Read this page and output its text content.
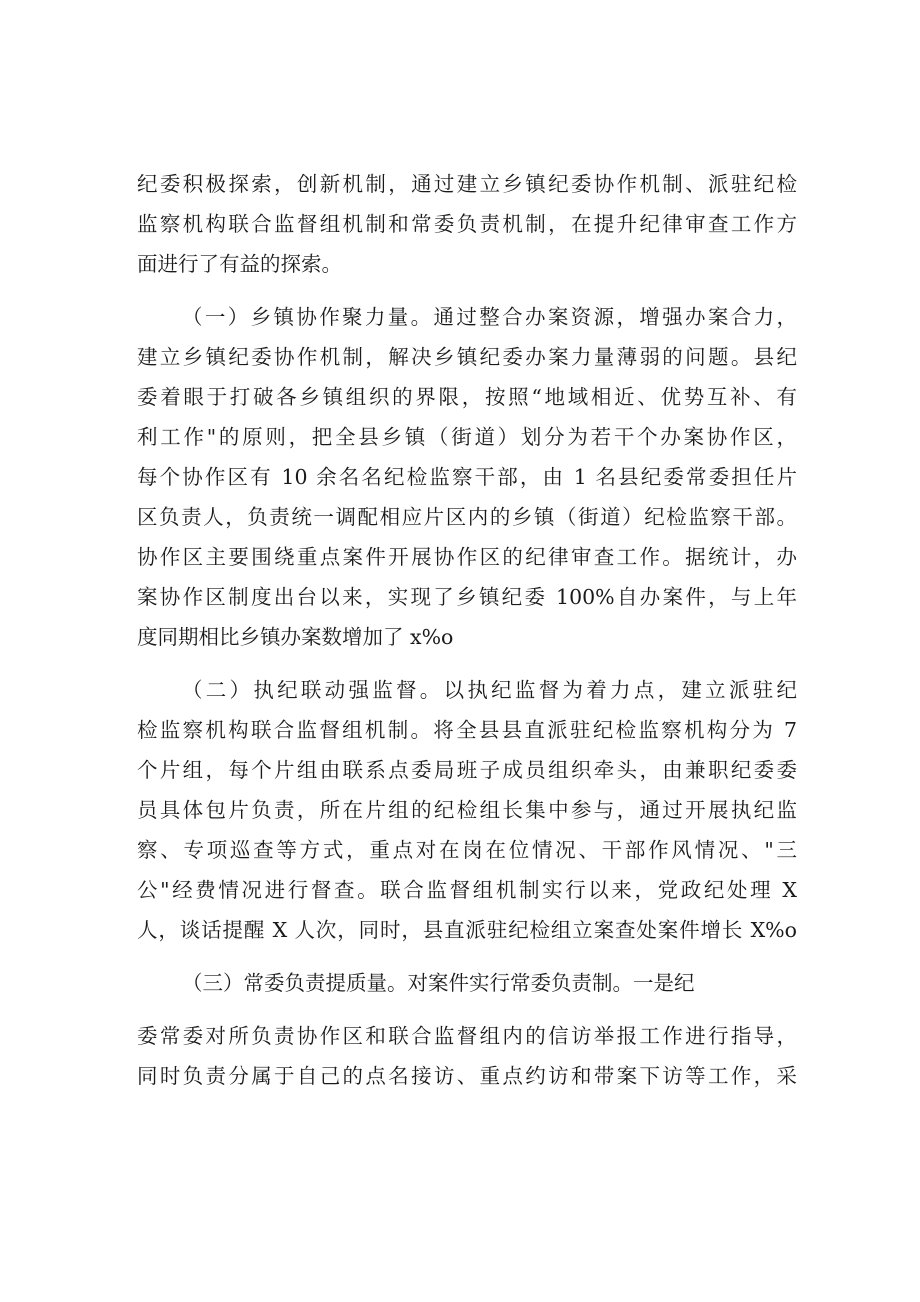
纪委积极探索，创新机制，通过建立乡镇纪委协作机制、派驻纪检
监察机构联合监督组机制和常委负责机制，在提升纪律审查工作方
面进行了有益的探索。
（一）乡镇协作聚力量。通过整合办案资源，增强办案合力，
建立乡镇纪委协作机制，解决乡镇纪委办案力量薄弱的问题。县纪
委着眼于打破各乡镇组织的界限，按照“地域相近、优势互补、有
利工作"的原则，把全县乡镇（街道）划分为若干个办案协作区，
每个协作区有 10 余名名纪检监察干部，由 1 名县纪委常委担任片
区负责人，负责统一调配相应片区内的乡镇（街道）纪检监察干部。
协作区主要围绕重点案件开展协作区的纪律审查工作。据统计，办
案协作区制度出台以来，实现了乡镇纪委 100%自办案件，与上年
度同期相比乡镇办案数增加了 x%o
（二）执纪联动强监督。以执纪监督为着力点，建立派驻纪
检监察机构联合监督组机制。将全县县直派驻纪检监察机构分为 7
个片组，每个片组由联系点委局班子成员组织牵头，由兼职纪委委
员具体包片负责，所在片组的纪检组长集中参与，通过开展执纪监
察、专项巡查等方式，重点对在岗在位情况、干部作风情况、"三
公"经费情况进行督查。联合监督组机制实行以来，党政纪处理 X
人，谈话提醒 X 人次，同时，县直派驻纪检组立案查处案件增长 X%o
（三）常委负责提质量。对案件实行常委负责制。一是纪
委常委对所负责协作区和联合监督组内的信访举报工作进行指导，
同时负责分属于自己的点名接访、重点约访和带案下访等工作，采
